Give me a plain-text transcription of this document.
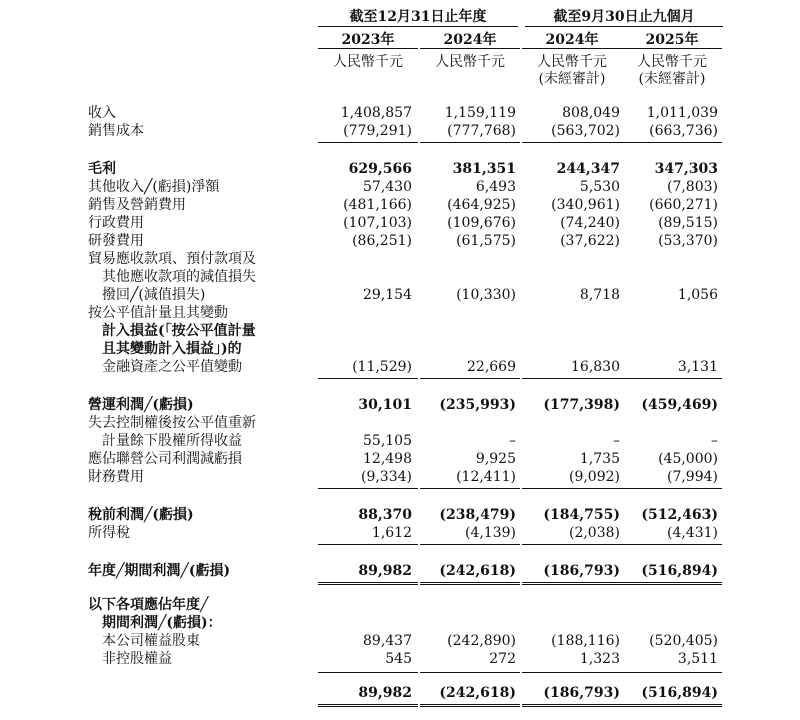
截至12月31日止年度	截至9月30日止九個月
2023年	2024年	2024年	2025年
人民幣千元	人民幣千元	人民幣千元	人民幣千元
(未經審計)	(未經審計)
收入 . . .	1,408,857	1,159,119	808,049	1,011,039
銷售成本 . . .	(779,291)	(777,768)	(563,702)	(663,736)
毛利 . . .	629,566	381,351	244,347	347,303
其他收入╱(虧損)淨額 . . .	57,430	6,493	5,530	(7,803)
銷售及營銷費用 . . .	(481,166)	(464,925)	(340,961)	(660,271)
行政費用 . . .	(107,103)	(109,676)	(74,240)	(89,515)
研發費用 . . .	(86,251)	(61,575)	(37,622)	(53,370)
貿易應收款項、預付款項及
其他應收款項的減值損失
撥回╱(減值損失) . . .	29,154	(10,330)	8,718	1,056
按公平值計量且其變動
計入損益(「按公平值計量
且其變動計入損益」)的
金融資產之公平值變動 . . .	(11,529)	22,669	16,830	3,131
營運利潤╱(虧損) . . .	30,101	(235,993)	(177,398)	(459,469)
失去控制權後按公平值重新
計量餘下股權所得收益 . . .	55,105	–	–	–
應佔聯營公司利潤減虧損 . . .	12,498	9,925	1,735	(45,000)
財務費用 . . .	(9,334)	(12,411)	(9,092)	(7,994)
稅前利潤╱(虧損) . . .	88,370	(238,479)	(184,755)	(512,463)
所得稅 . . .	1,612	(4,139)	(2,038)	(4,431)
年度╱期間利潤╱(虧損) . . .	89,982	(242,618)	(186,793)	(516,894)
以下各項應佔年度╱
期間利潤╱(虧損)：
本公司權益股東 . . .	89,437	(242,890)	(188,116)	(520,405)
非控股權益 . . .	545	272	1,323	3,511
89,982	(242,618)	(186,793)	(516,894)
